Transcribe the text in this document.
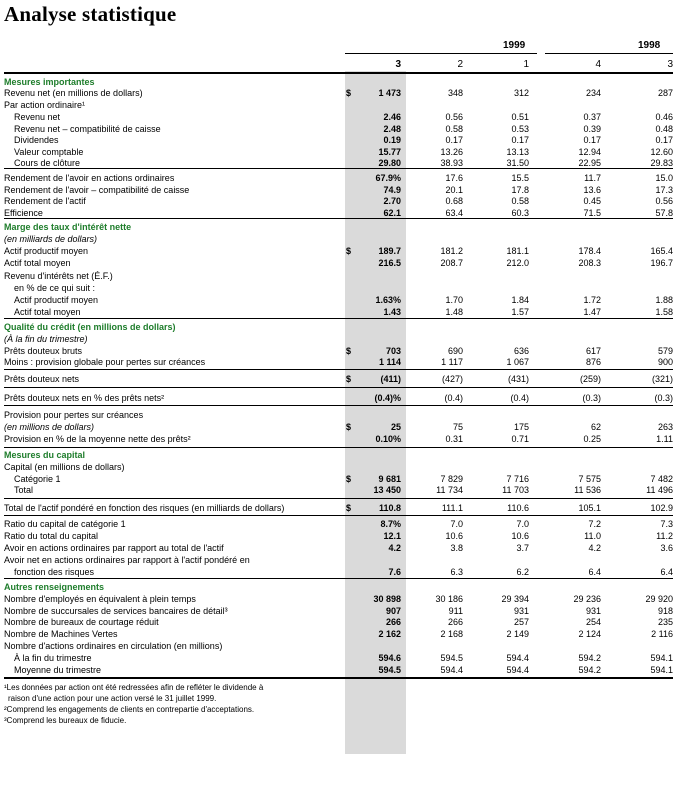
Analyse statistique
1999	1998
3	2	1	4	3
Mesures importantes
Revenu net (en millions de dollars)	$	1 473	348	312	234	287
Par action ordinaire¹
Revenu net	2.46	0.56	0.51	0.37	0.46
Revenu net – compatibilité de caisse	2.48	0.58	0.53	0.39	0.48
Dividendes	0.19	0.17	0.17	0.17	0.17
Valeur comptable	15.77	13.26	13.13	12.94	12.60
Cours de clôture	29.80	38.93	31.50	22.95	29.83
Rendement de l'avoir en actions ordinaires	67.9%	17.6	15.5	11.7	15.0
Rendement de l'avoir – compatibilité de caisse	74.9	20.1	17.8	13.6	17.3
Rendement de l'actif	2.70	0.68	0.58	0.45	0.56
Efficience	62.1	63.4	60.3	71.5	57.8
Marge des taux d'intérêt nette
(en milliards de dollars)
Actif productif moyen	$	189.7	181.2	181.1	178.4	165.4
Actif total moyen	216.5	208.7	212.0	208.3	196.7
Revenu d'intérêts net (É.F.)
en % de ce qui suit :
Actif productif moyen	1.63%	1.70	1.84	1.72	1.88
Actif total moyen	1.43	1.48	1.57	1.47	1.58
Qualité du crédit (en millions de dollars)
(À la fin du trimestre)
Prêts douteux bruts	$	703	690	636	617	579
Moins : provision globale pour pertes sur créances	1 114	1 117	1 067	876	900
Prêts douteux nets	$	(411)	(427)	(431)	(259)	(321)
Prêts douteux nets en % des prêts nets²	(0.4)%	(0.4)	(0.4)	(0.3)	(0.3)
Provision pour pertes sur créances
(en millions de dollars)	$	25	75	175	62	263
Provision en % de la moyenne nette des prêts²	0.10%	0.31	0.71	0.25	1.11
Mesures du capital
Capital (en millions de dollars)
Catégorie 1	$	9 681	7 829	7 716	7 575	7 482
Total	13 450	11 734	11 703	11 536	11 496
Total de l'actif pondéré en fonction des risques (en milliards de dollars)	$	110.8	111.1	110.6	105.1	102.9
Ratio du capital de catégorie 1	8.7%	7.0	7.0	7.2	7.3
Ratio du total du capital	12.1	10.6	10.6	11.0	11.2
Avoir en actions ordinaires par rapport au total de l'actif	4.2	3.8	3.7	4.2	3.6
Avoir net en actions ordinaires par rapport à l'actif pondéré en
fonction des risques	7.6	6.3	6.2	6.4	6.4
Autres renseignements
Nombre d'employés en équivalent à plein temps	30 898	30 186	29 394	29 236	29 920
Nombre de succursales de services bancaires de détail³	907	911	931	931	918
Nombre de bureaux de courtage réduit	266	266	257	254	235
Nombre de Machines Vertes	2 162	2 168	2 149	2 124	2 116
Nombre d'actions ordinaires en circulation (en millions)
À la fin du trimestre	594.6	594.5	594.4	594.2	594.1
Moyenne du trimestre	594.5	594.4	594.4	594.2	594.1
¹Les données par action ont été redressées afin de refléter le dividende à
raison d'une action pour une action versé le 31 juillet 1999.
²Comprend les engagements de clients en contrepartie d'acceptations.
³Comprend les bureaux de fiducie.
